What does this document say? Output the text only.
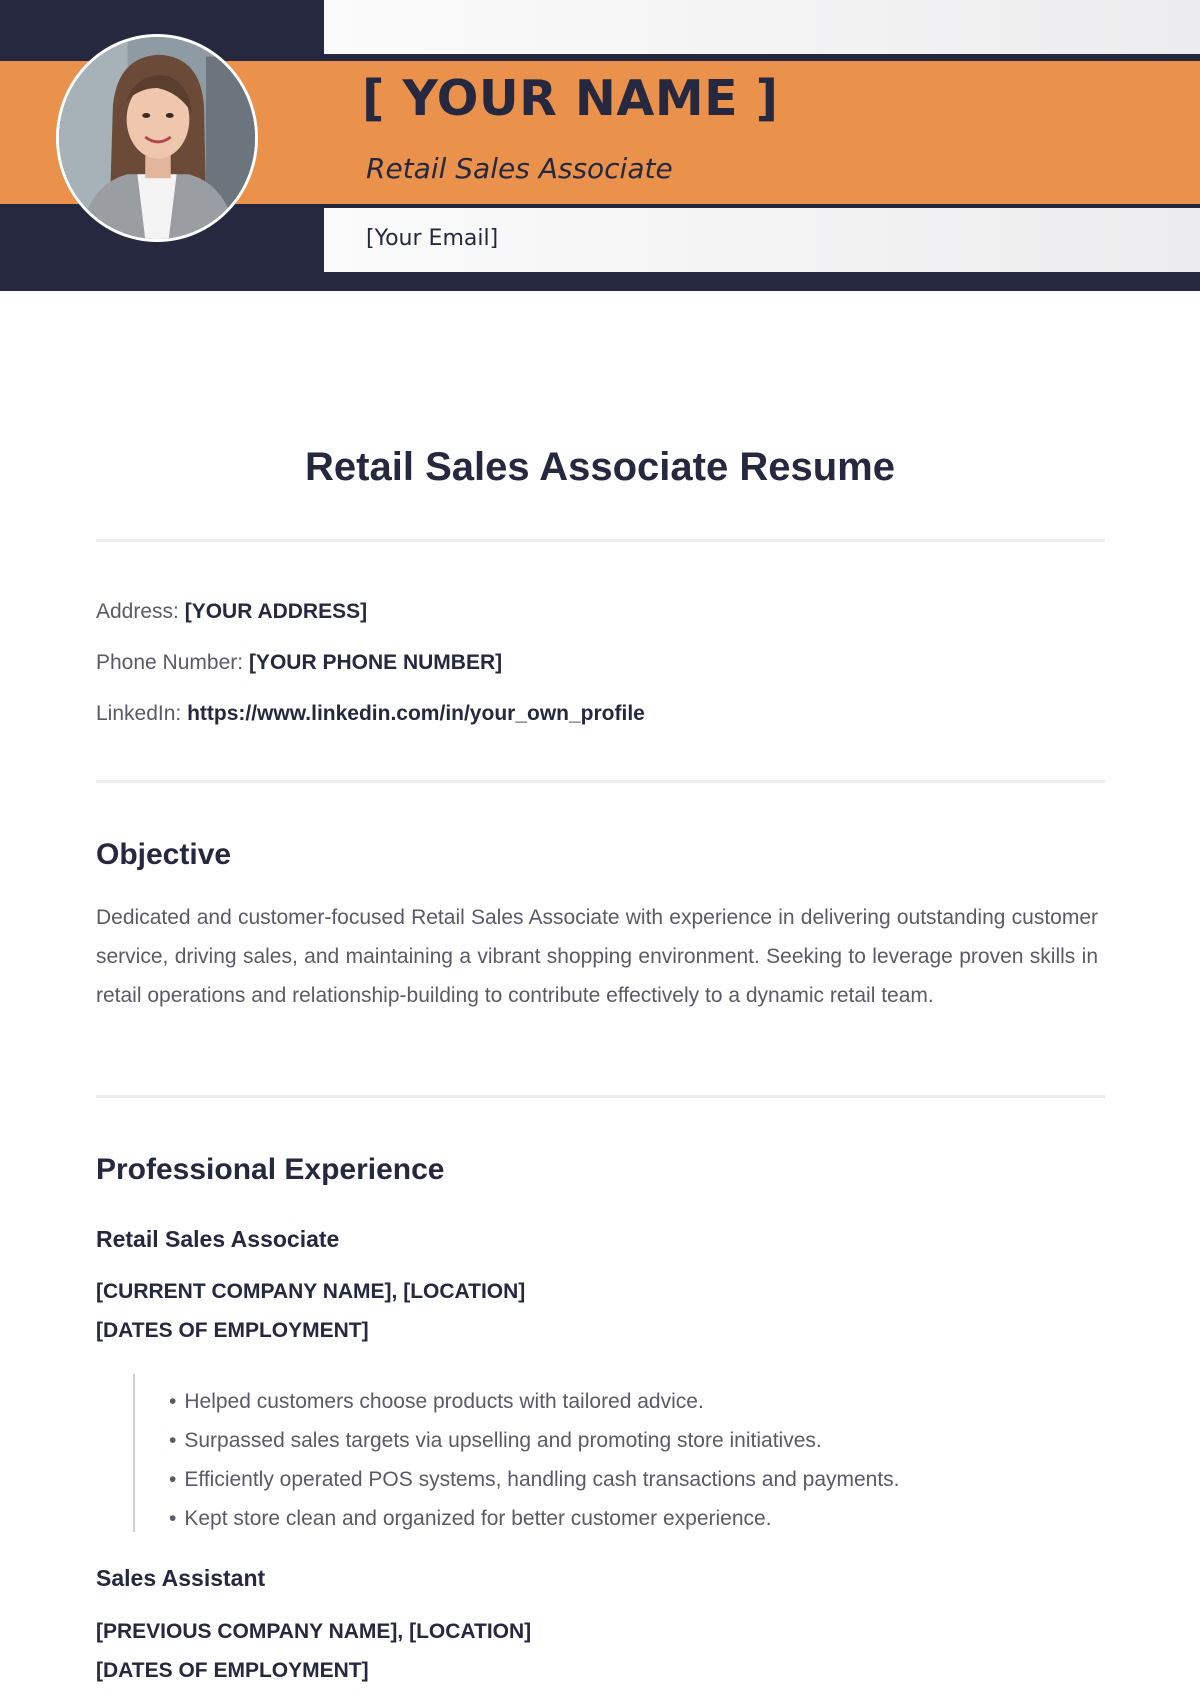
[ YOUR NAME ]
Retail Sales Associate
[Your Email]
Retail Sales Associate Resume
Address: [YOUR ADDRESS]
Phone Number: [YOUR PHONE NUMBER]
LinkedIn: https://www.linkedin.com/in/your_own_profile
Objective
Dedicated and customer-focused Retail Sales Associate with experience in delivering outstanding customer service, driving sales, and maintaining a vibrant shopping environment. Seeking to leverage proven skills in retail operations and relationship-building to contribute effectively to a dynamic retail team.
Professional Experience
Retail Sales Associate
[CURRENT COMPANY NAME], [LOCATION]
[DATES OF EMPLOYMENT]
• Helped customers choose products with tailored advice.
• Surpassed sales targets via upselling and promoting store initiatives.
• Efficiently operated POS systems, handling cash transactions and payments.
• Kept store clean and organized for better customer experience.
Sales Assistant
[PREVIOUS COMPANY NAME], [LOCATION]
[DATES OF EMPLOYMENT]
